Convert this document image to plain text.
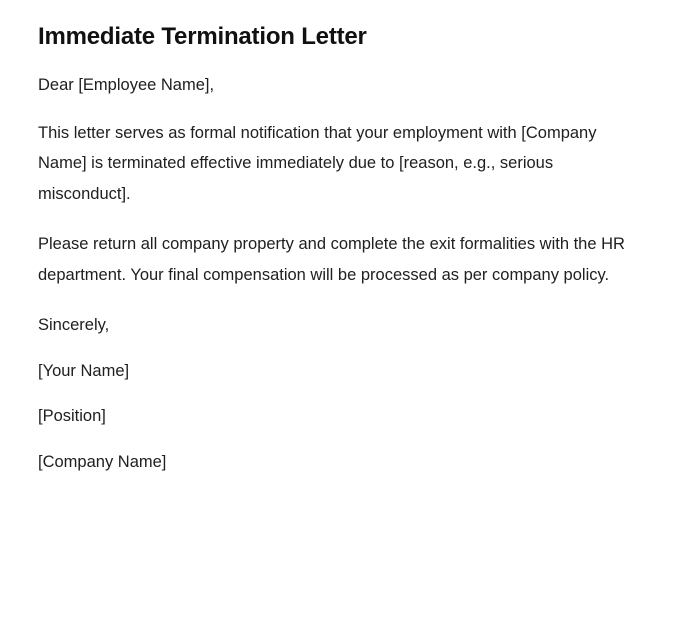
Immediate Termination Letter

Dear [Employee Name],

This letter serves as formal notification that your employment with [Company Name] is terminated effective immediately due to [reason, e.g., serious misconduct].

Please return all company property and complete the exit formalities with the HR department. Your final compensation will be processed as per company policy.

Sincerely,

[Your Name]

[Position]

[Company Name]
